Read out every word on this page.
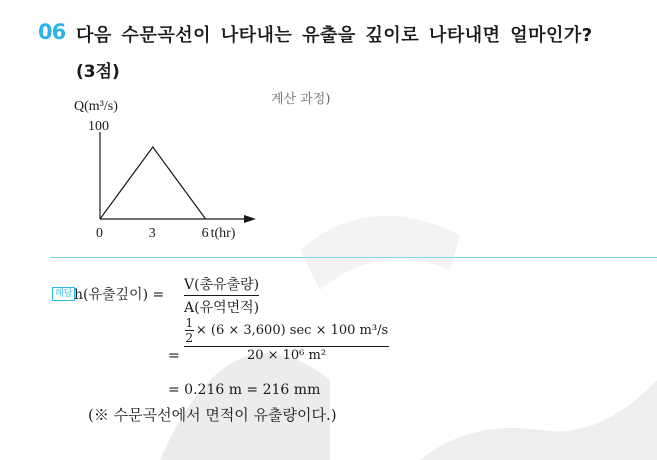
06 다음 수문곡선이 나타내는 유출을 깊이로 나타내면 얼마인가?
(3점)
계산 과정)
Q(m³/s)
100
0	3	6 t(hr)
해답 h(유출깊이) =
V(총유출량)
A(유역면적)
=
1
2 × (6 × 3,600) sec × 100 m³/s
20 × 10⁶ m²
= 0.216 m = 216 mm
(※ 수문곡선에서 면적이 유출량이다.)
